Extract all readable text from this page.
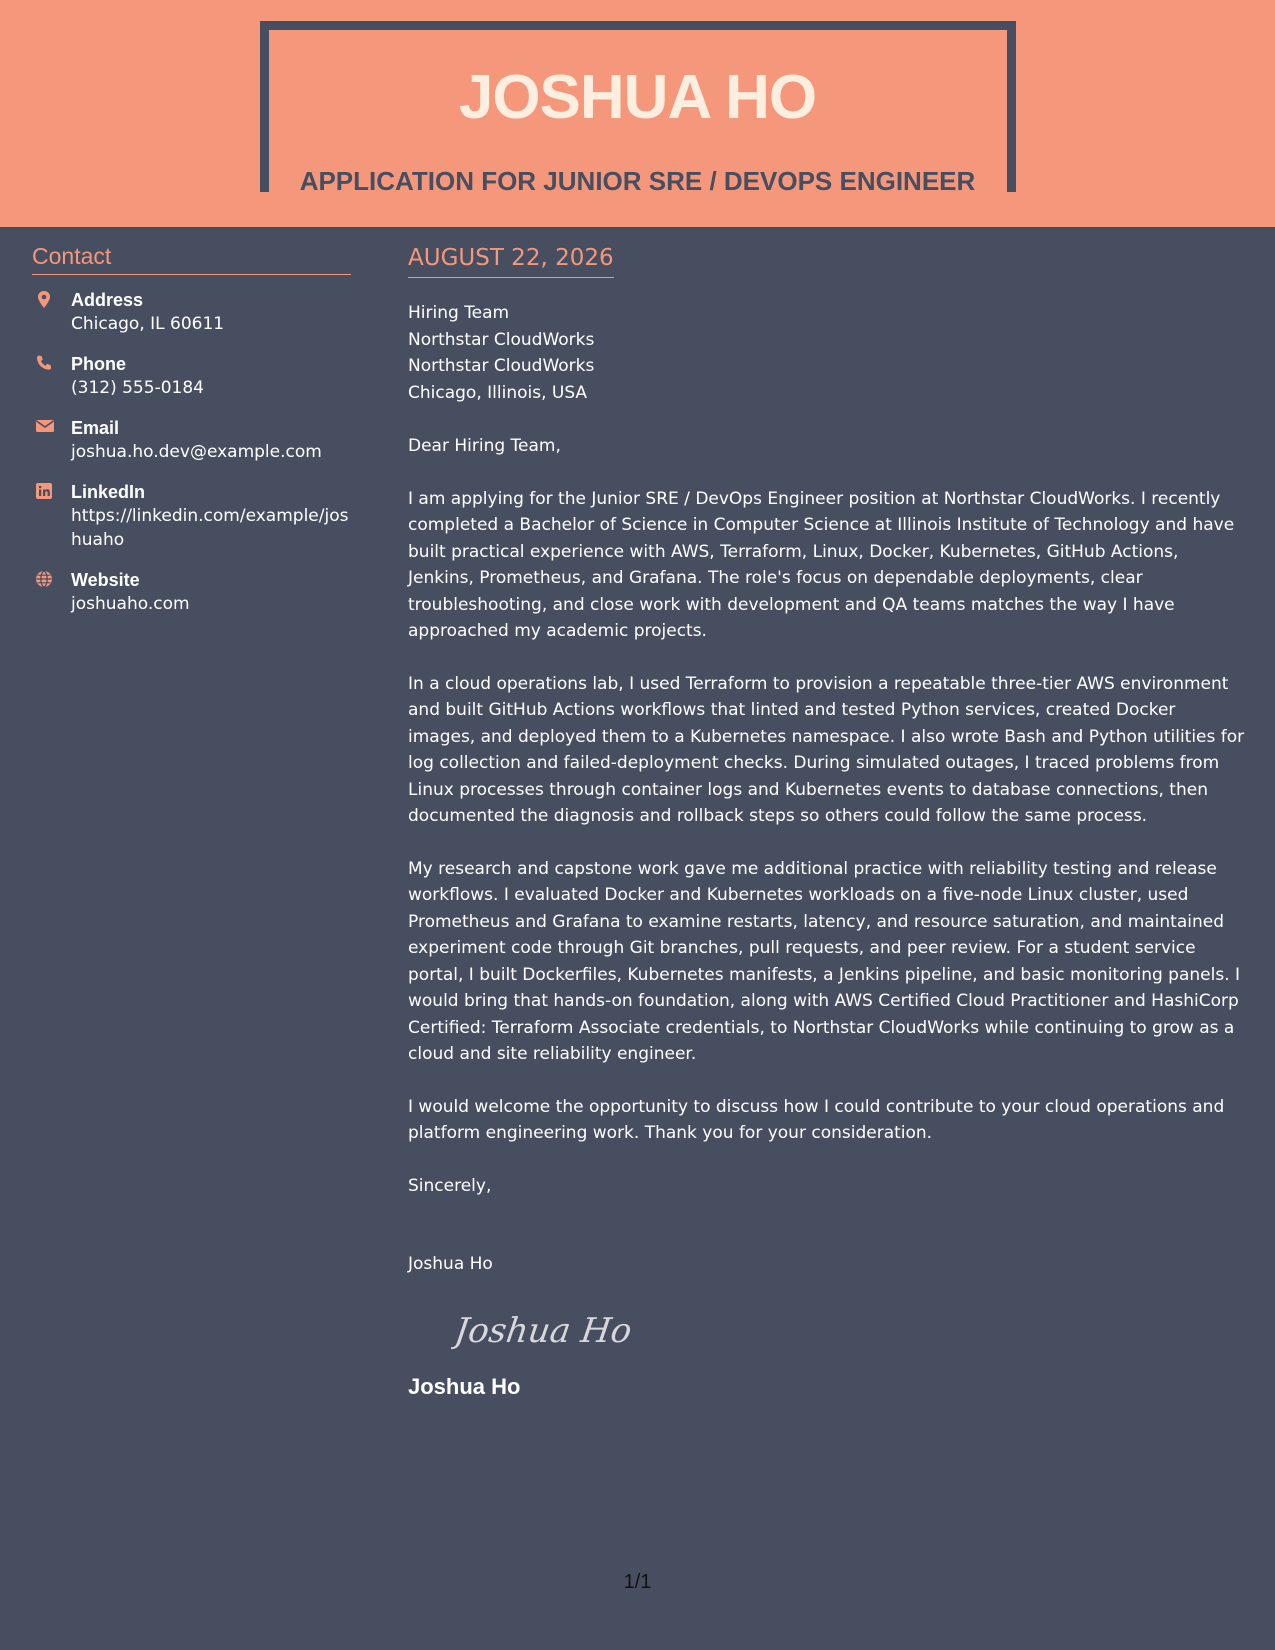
JOSHUA HO
APPLICATION FOR JUNIOR SRE / DEVOPS ENGINEER
Contact
Address
Chicago, IL 60611
Phone
(312) 555-0184
Email
joshua.ho.dev@example.com
LinkedIn
https://linkedin.com/example/joshuaho
Website
joshuaho.com
AUGUST 22, 2026
Hiring Team
Northstar CloudWorks
Northstar CloudWorks
Chicago, Illinois, USA

Dear Hiring Team,

I am applying for the Junior SRE / DevOps Engineer position at Northstar CloudWorks. I recently completed a Bachelor of Science in Computer Science at Illinois Institute of Technology and have built practical experience with AWS, Terraform, Linux, Docker, Kubernetes, GitHub Actions, Jenkins, Prometheus, and Grafana. The role's focus on dependable deployments, clear troubleshooting, and close work with development and QA teams matches the way I have approached my academic projects.

In a cloud operations lab, I used Terraform to provision a repeatable three-tier AWS environment and built GitHub Actions workflows that linted and tested Python services, created Docker images, and deployed them to a Kubernetes namespace. I also wrote Bash and Python utilities for log collection and failed-deployment checks. During simulated outages, I traced problems from Linux processes through container logs and Kubernetes events to database connections, then documented the diagnosis and rollback steps so others could follow the same process.

My research and capstone work gave me additional practice with reliability testing and release workflows. I evaluated Docker and Kubernetes workloads on a five-node Linux cluster, used Prometheus and Grafana to examine restarts, latency, and resource saturation, and maintained experiment code through Git branches, pull requests, and peer review. For a student service portal, I built Dockerfiles, Kubernetes manifests, a Jenkins pipeline, and basic monitoring panels. I would bring that hands-on foundation, along with AWS Certified Cloud Practitioner and HashiCorp Certified: Terraform Associate credentials, to Northstar CloudWorks while continuing to grow as a cloud and site reliability engineer.

I would welcome the opportunity to discuss how I could contribute to your cloud operations and platform engineering work. Thank you for your consideration.

Sincerely,

Joshua Ho

Joshua Ho
Joshua Ho
1/1
